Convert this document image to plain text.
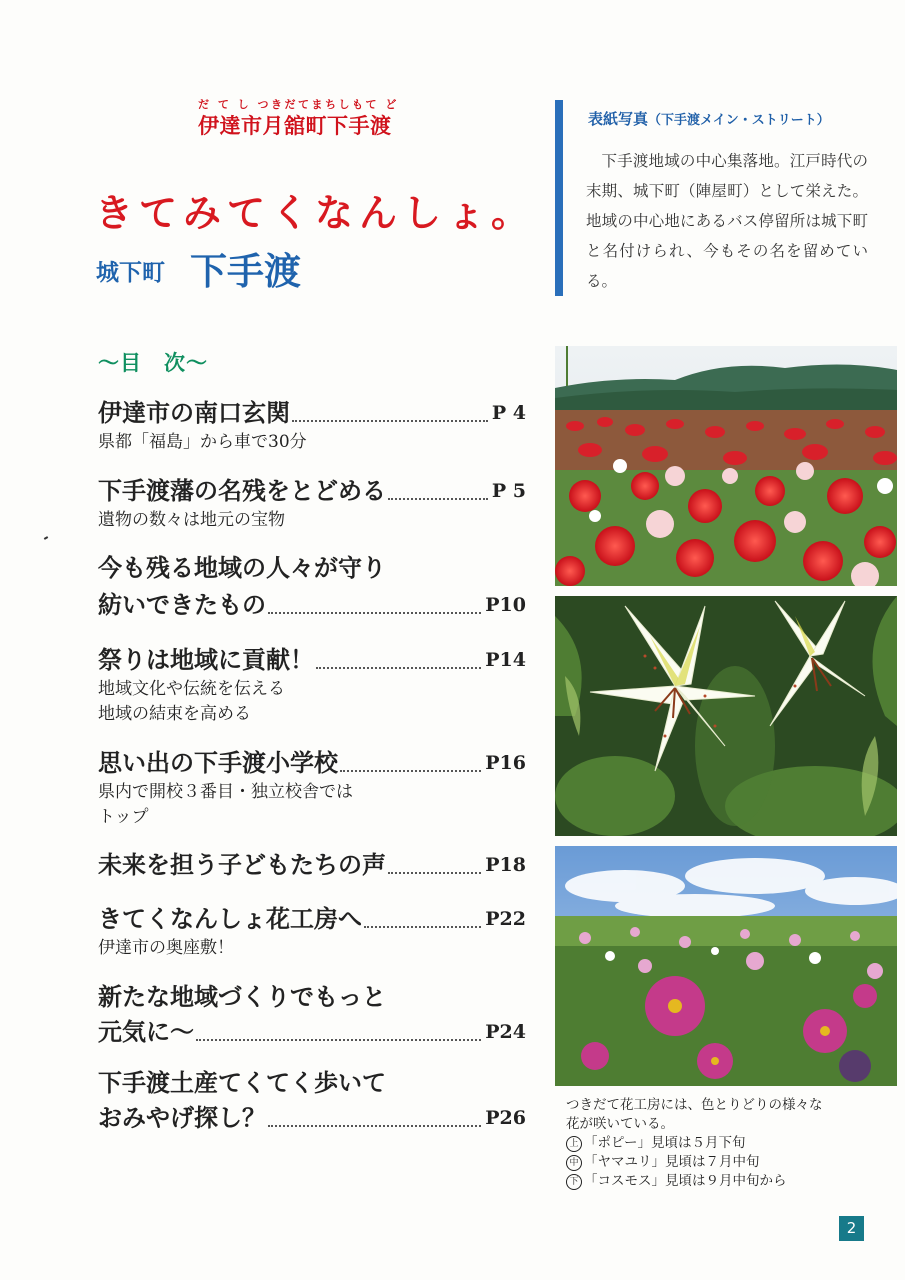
だ て し つきだてまちしもて ど
伊達市月舘町下手渡
きてみてくなんしょ。
城下町 下手渡
表紙写真（下手渡メイン・ストリート）
下手渡地域の中心集落地。江戸時代の末期、城下町（陣屋町）として栄えた。地域の中心地にあるバス停留所は城下町と名付けられ、今もその名を留めている。
～目　次～
伊達市の南口玄関	P 4
県都「福島」から車で30分
下手渡藩の名残をとどめる	P 5
遺物の数々は地元の宝物
今も残る地域の人々が守り
紡いできたもの	P10
祭りは地域に貢献！	P14
地域文化や伝統を伝える
地域の結束を高める
思い出の下手渡小学校	P16
県内で開校３番目・独立校舎では
トップ
未来を担う子どもたちの声	P18
きてくなんしょ花工房へ	P22
伊達市の奥座敷！
新たな地域づくりでもっと
元気に～	P24
下手渡土産てくてく歩いて
おみやげ探し？	P26
つきだて花工房には、色とりどりの様々な
花が咲いている。
上 「ポピー」見頃は５月下旬
中 「ヤマユリ」見頃は７月中旬
下 「コスモス」見頃は９月中旬から
2
